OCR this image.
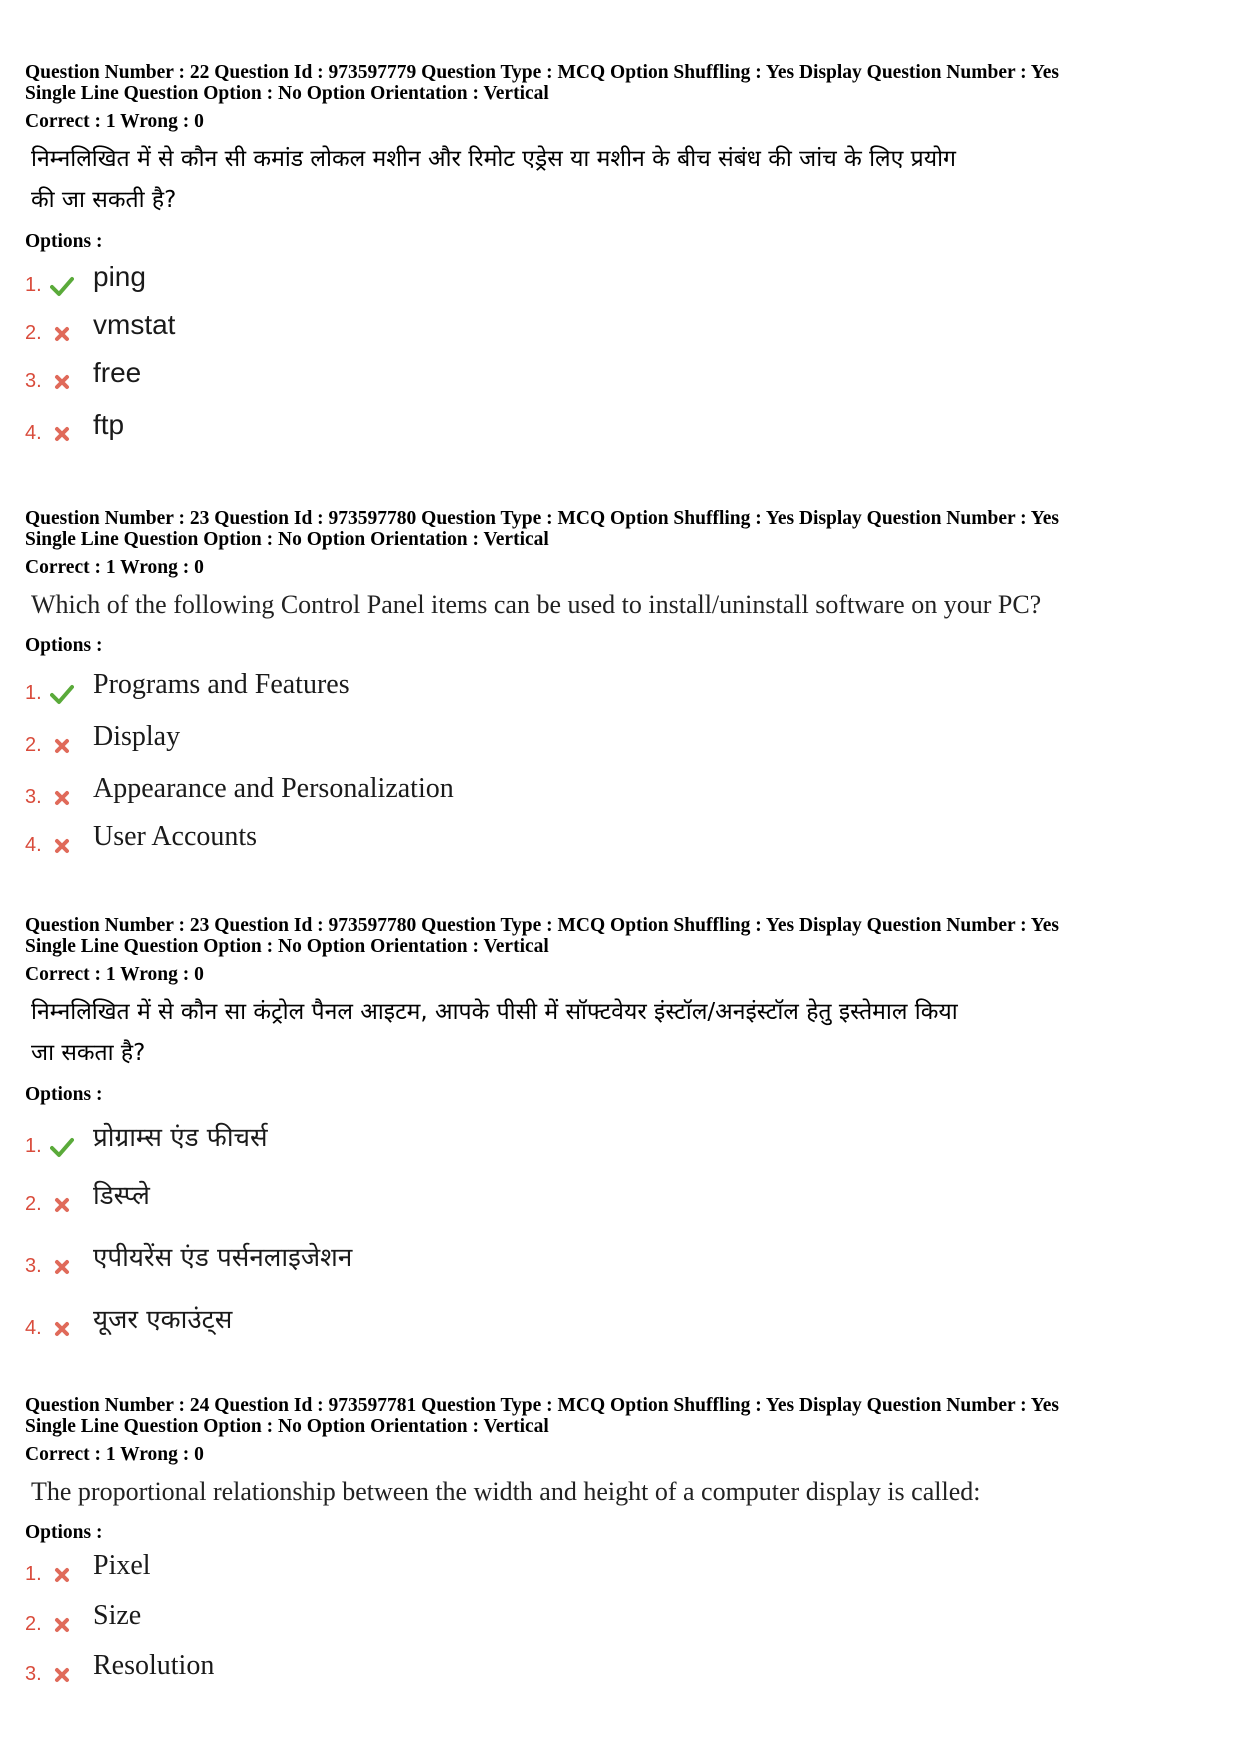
Question Number : 22 Question Id : 973597779 Question Type : MCQ Option Shuffling : Yes Display Question Number : Yes
Single Line Question Option : No Option Orientation : Vertical
Correct : 1 Wrong : 0
निम्नलिखित में से कौन सी कमांड लोकल मशीन और रिमोट एड्रेस या मशीन के बीच संबंध की जांच के लिए प्रयोग
की जा सकती है?
Options :
1. ping
2. vmstat
3. free
4. ftp
Question Number : 23 Question Id : 973597780 Question Type : MCQ Option Shuffling : Yes Display Question Number : Yes
Single Line Question Option : No Option Orientation : Vertical
Correct : 1 Wrong : 0
Which of the following Control Panel items can be used to install/uninstall software on your PC?
Options :
1. Programs and Features
2. Display
3. Appearance and Personalization
4. User Accounts
Question Number : 23 Question Id : 973597780 Question Type : MCQ Option Shuffling : Yes Display Question Number : Yes
Single Line Question Option : No Option Orientation : Vertical
Correct : 1 Wrong : 0
निम्नलिखित में से कौन सा कंट्रोल पैनल आइटम, आपके पीसी में सॉफ्टवेयर इंस्टॉल/अनइंस्टॉल हेतु इस्तेमाल किया
जा सकता है?
Options :
1. प्रोग्राम्स एंड फीचर्स
2. डिस्प्ले
3. एपीयरेंस एंड पर्सनलाइजेशन
4. यूजर एकाउंट्स
Question Number : 24 Question Id : 973597781 Question Type : MCQ Option Shuffling : Yes Display Question Number : Yes
Single Line Question Option : No Option Orientation : Vertical
Correct : 1 Wrong : 0
The proportional relationship between the width and height of a computer display is called:
Options :
1. Pixel
2. Size
3. Resolution
